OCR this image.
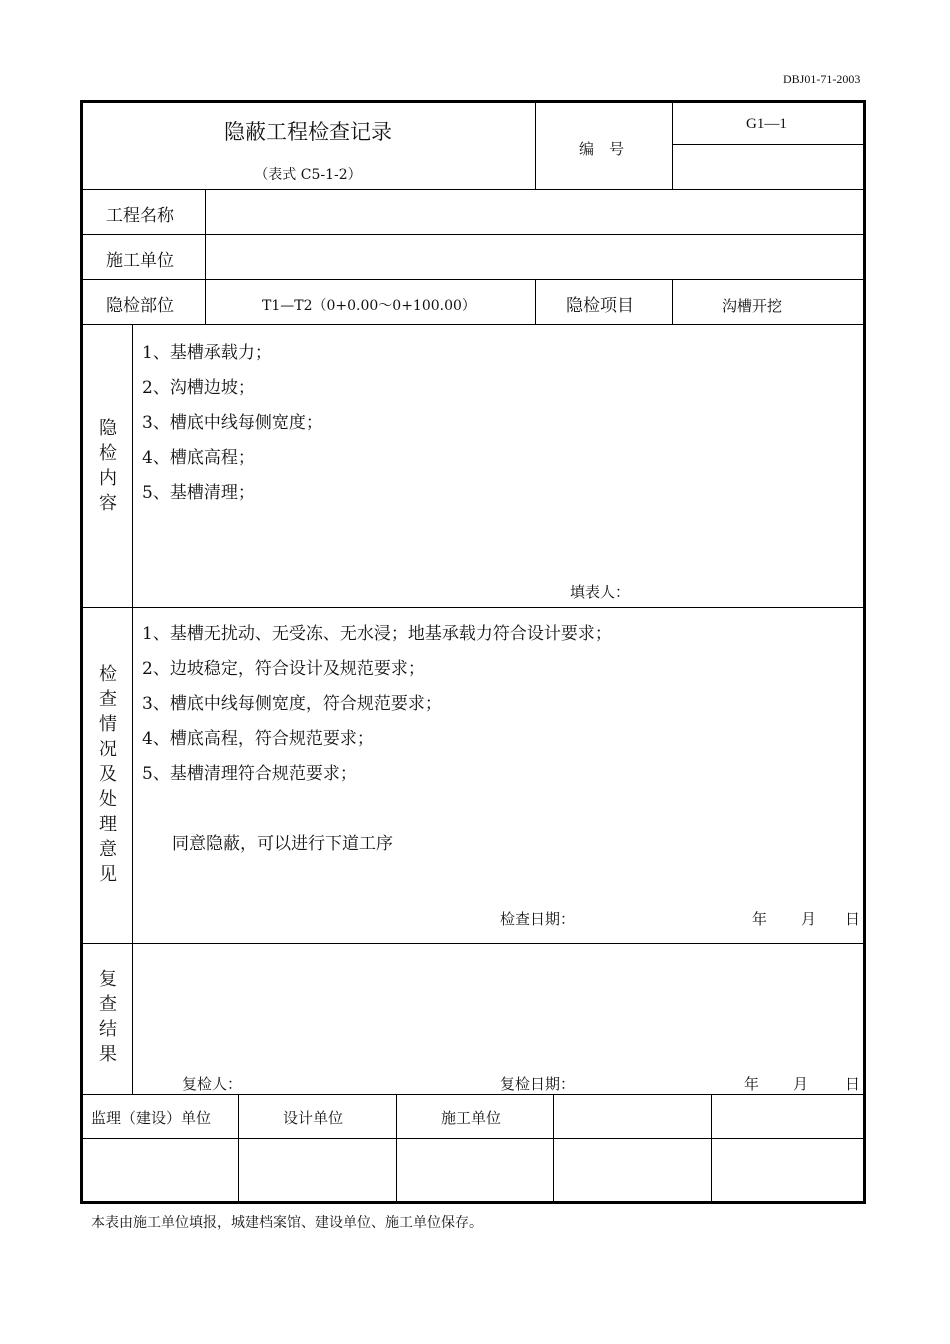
DBJ01-71-2003
隐蔽工程检查记录
（表式 C5-1-2）
编　号
G1—1
工程名称
施工单位
隐检部位	T1—T2（0+0.00～0+100.00）	隐检项目	沟槽开挖
隐
检
内
容
1、基槽承载力；
2、沟槽边坡；
3、槽底中线每侧宽度；
4、槽底高程；
5、基槽清理；
填表人：
检
查
情
况
及
处
理
意
见
1、基槽无扰动、无受冻、无水浸；地基承载力符合设计要求；
2、边坡稳定，符合设计及规范要求；
3、槽底中线每侧宽度，符合规范要求；
4、槽底高程，符合规范要求；
5、基槽清理符合规范要求；
同意隐蔽，可以进行下道工序
检查日期：	年 月 日
复
查
结
果
复检人：	复检日期：	年 月 日
监理（建设）单位	设计单位	施工单位
本表由施工单位填报，城建档案馆、建设单位、施工单位保存。
